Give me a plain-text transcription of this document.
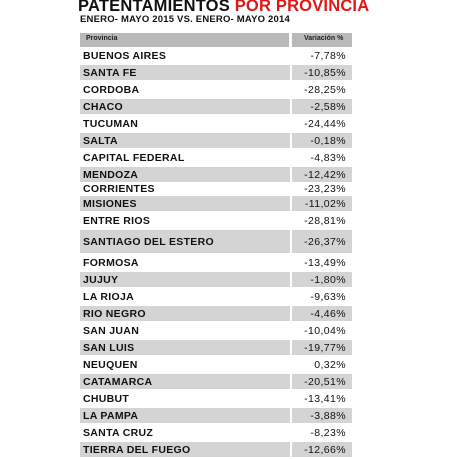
PATENTAMIENTOS POR PROVINCIA
ENERO- MAYO 2015 VS. ENERO- MAYO 2014
Provincia	Variación %
BUENOS AIRES	-7,78%
SANTA FE	-10,85%
CORDOBA	-28,25%
CHACO	-2,58%
TUCUMAN	-24,44%
SALTA	-0,18%
CAPITAL FEDERAL	-4,83%
MENDOZA	-12,42%
CORRIENTES	-23,23%
MISIONES	-11,02%
ENTRE RIOS	-28,81%
SANTIAGO DEL ESTERO	-26,37%
FORMOSA	-13,49%
JUJUY	-1,80%
LA RIOJA	-9,63%
RIO NEGRO	-4,46%
SAN JUAN	-10,04%
SAN LUIS	-19,77%
NEUQUEN	0,32%
CATAMARCA	-20,51%
CHUBUT	-13,41%
LA PAMPA	-3,88%
SANTA CRUZ	-8,23%
TIERRA DEL FUEGO	-12,66%
